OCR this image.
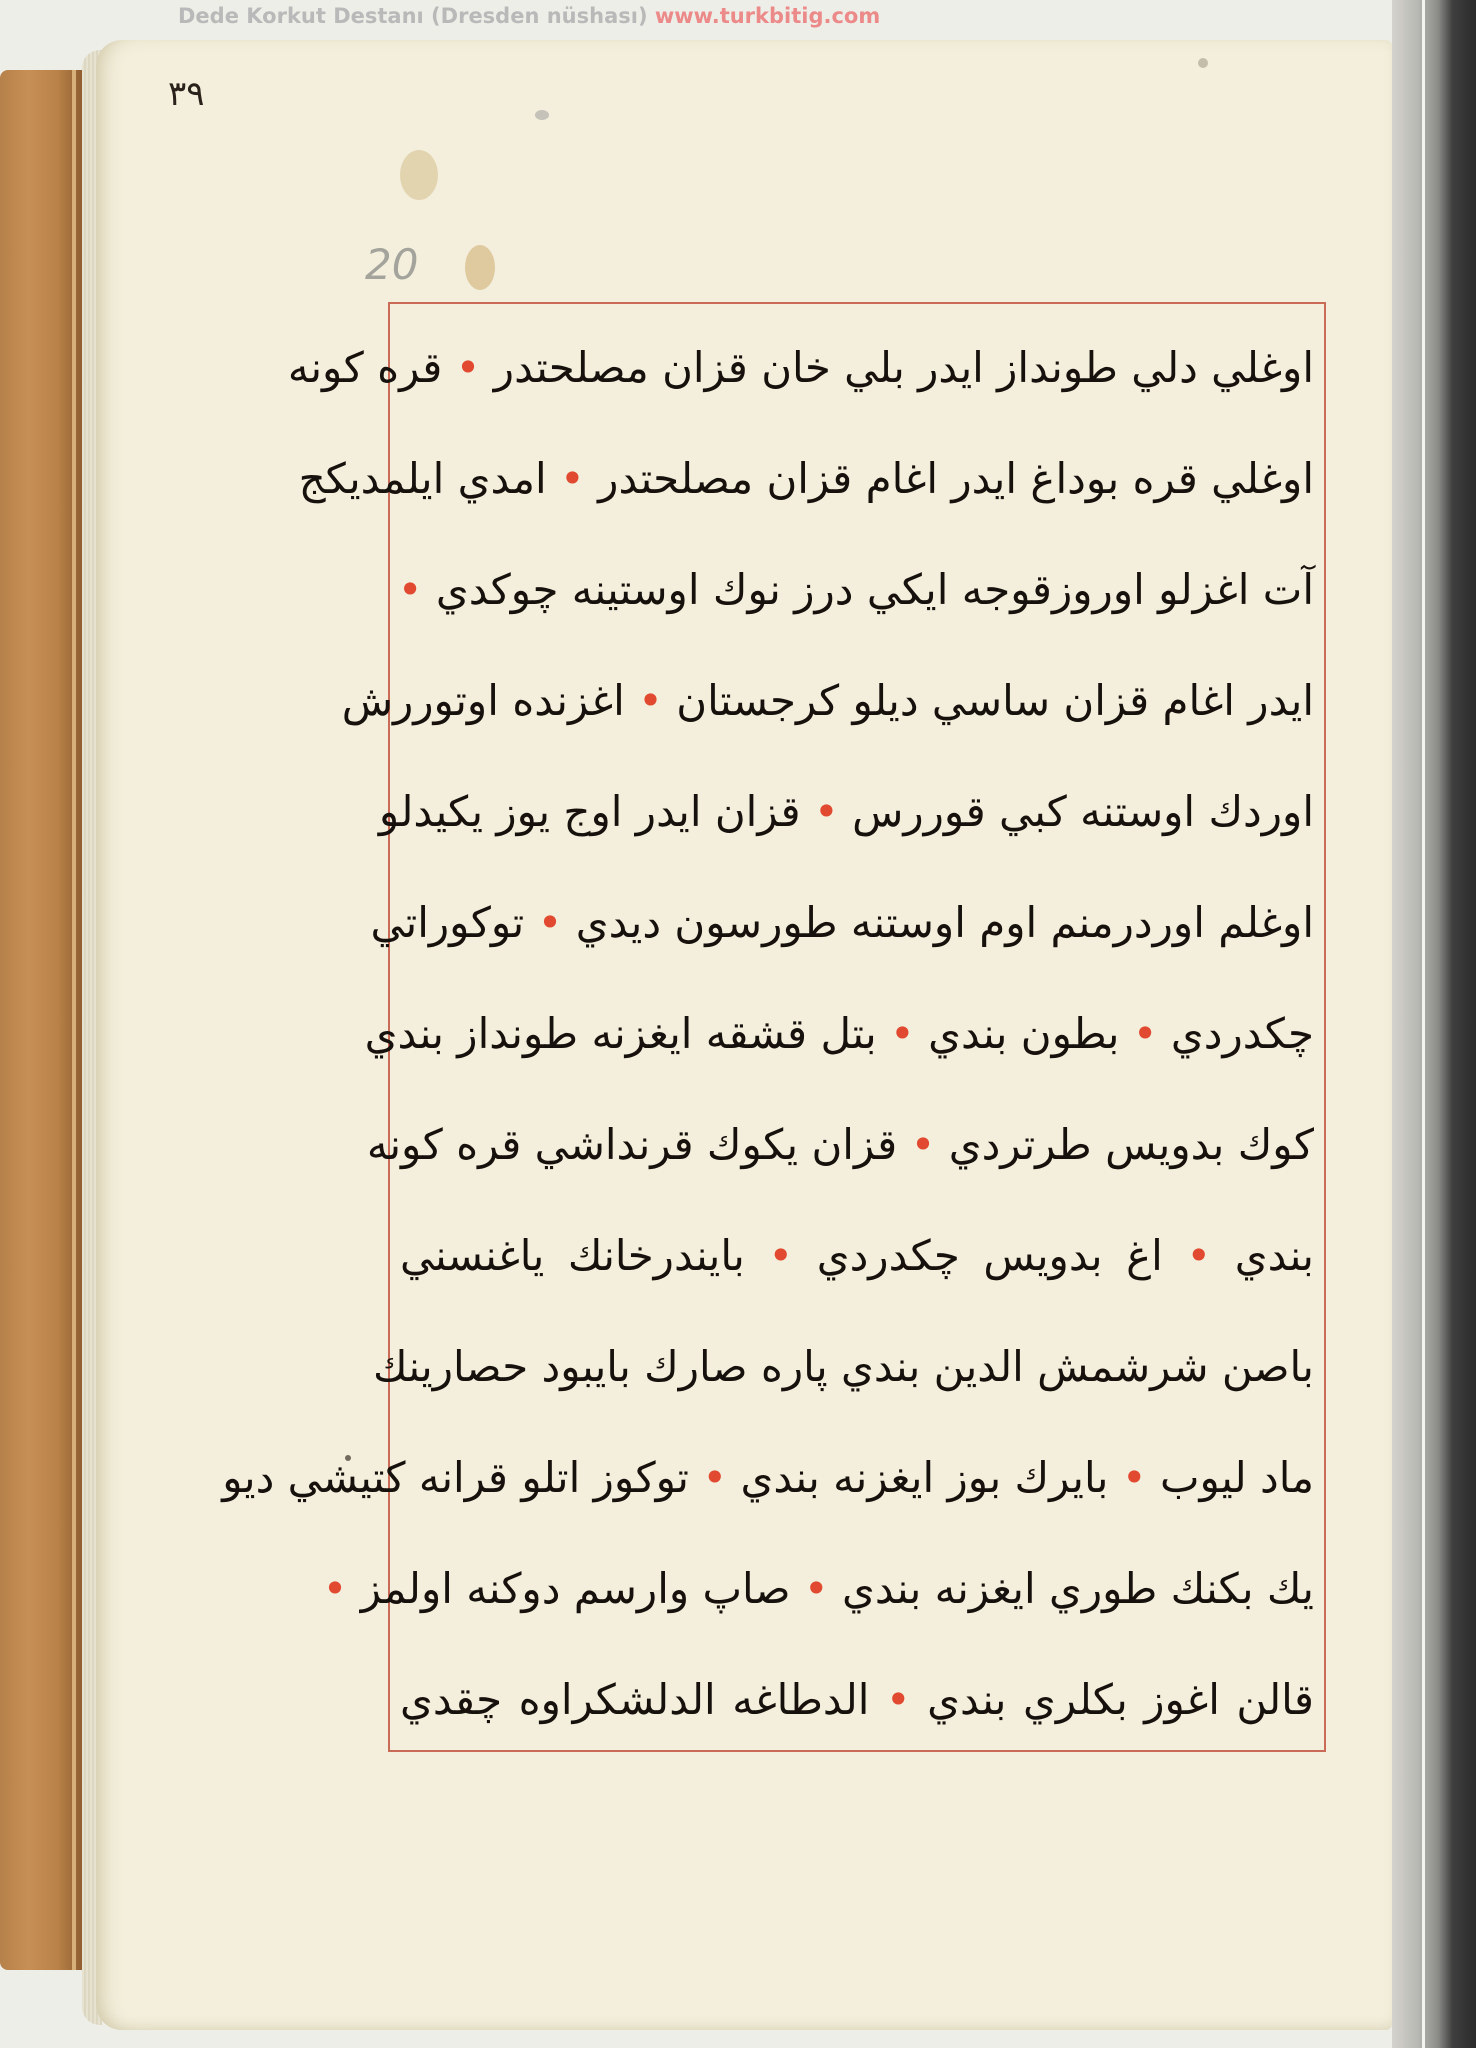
Dede Korkut Destanı (Dresden nüshası) www.turkbitig.com

٣٩

20

اوغلي دلي طونداز ايدر بلي خان قزان مصلحتدر • قره كونه
اوغلي قره بوداغ ايدر اغام قزان مصلحتدر • امدي ايلمديكج
آت اغزلو اوروزقوجه ايكي درز نوك اوستينه چوكدي •
ايدر اغام قزان ساسي ديلو كرجستان • اغزنده اوتوررش
اوردك اوستنه كبي قوررس • قزان ايدر اوج يوز يكيدلو
اوغلم اوردرمنم اوم اوستنه طورسون ديدي • توكوراتي
چكدردي • بطون بندي • بتل قشقه ايغزنه طونداز بندي
كوك بدويس طرتردي • قزان يكوك قرنداشي قره كونه
بندي • اغ بدويس چكدردي • بايندرخانك ياغنسني
باصن شرشمش الدين بندي پاره صارك بايبود حصارينك
ماد ليوب • بايرك بوز ايغزنه بندي • توكوز اتلو قرانه كتيشي ديو
يك بكنك طوري ايغزنه بندي • صاپ وارسم دوكنه اولمز •
قالن اغوز بكلري بندي • الدطاغه الدلشكراوه چقدي
